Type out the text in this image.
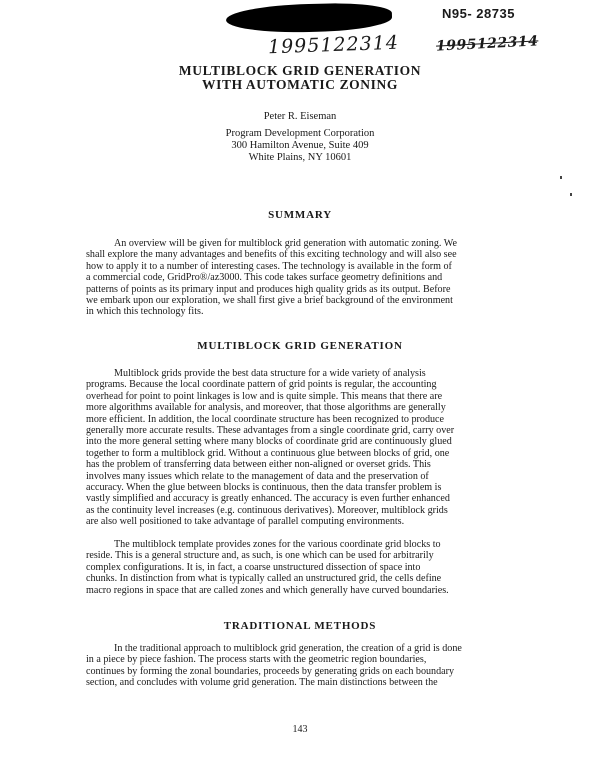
N95- 28735
1995122314	1995122314
MULTIBLOCK GRID GENERATION
WITH AUTOMATIC ZONING
Peter R. Eiseman
Program Development Corporation
300 Hamilton Avenue, Suite 409
White Plains, NY 10601
SUMMARY
An overview will be given for multiblock grid generation with automatic zoning. We
shall explore the many advantages and benefits of this exciting technology and will also see
how to apply it to a number of interesting cases. The technology is available in the form of
a commercial code, GridPro®/az3000. This code takes surface geometry definitions and
patterns of points as its primary input and produces high quality grids as its output. Before
we embark upon our exploration, we shall first give a brief background of the environment
in which this technology fits.
MULTIBLOCK GRID GENERATION
Multiblock grids provide the best data structure for a wide variety of analysis
programs. Because the local coordinate pattern of grid points is regular, the accounting
overhead for point to point linkages is low and is quite simple. This means that there are
more algorithms available for analysis, and moreover, that those algorithms are generally
more efficient. In addition, the local coordinate structure has been recognized to produce
generally more accurate results. These advantages from a single coordinate grid, carry over
into the more general setting where many blocks of coordinate grid are continuously glued
together to form a multiblock grid. Without a continuous glue between blocks of grid, one
has the problem of transferring data between either non-aligned or overset grids. This
involves many issues which relate to the management of data and the preservation of
accuracy. When the glue between blocks is continuous, then the data transfer problem is
vastly simplified and accuracy is greatly enhanced. The accuracy is even further enhanced
as the continuity level increases (e.g. continuous derivatives). Moreover, multiblock grids
are also well positioned to take advantage of parallel computing environments.
The multiblock template provides zones for the various coordinate grid blocks to
reside. This is a general structure and, as such, is one which can be used for arbitrarily
complex configurations. It is, in fact, a coarse unstructured dissection of space into
chunks. In distinction from what is typically called an unstructured grid, the cells define
macro regions in space that are called zones and which generally have curved boundaries.
TRADITIONAL METHODS
In the traditional approach to multiblock grid generation, the creation of a grid is done
in a piece by piece fashion. The process starts with the geometric region boundaries,
continues by forming the zonal boundaries, proceeds by generating grids on each boundary
section, and concludes with volume grid generation. The main distinctions between the
143
